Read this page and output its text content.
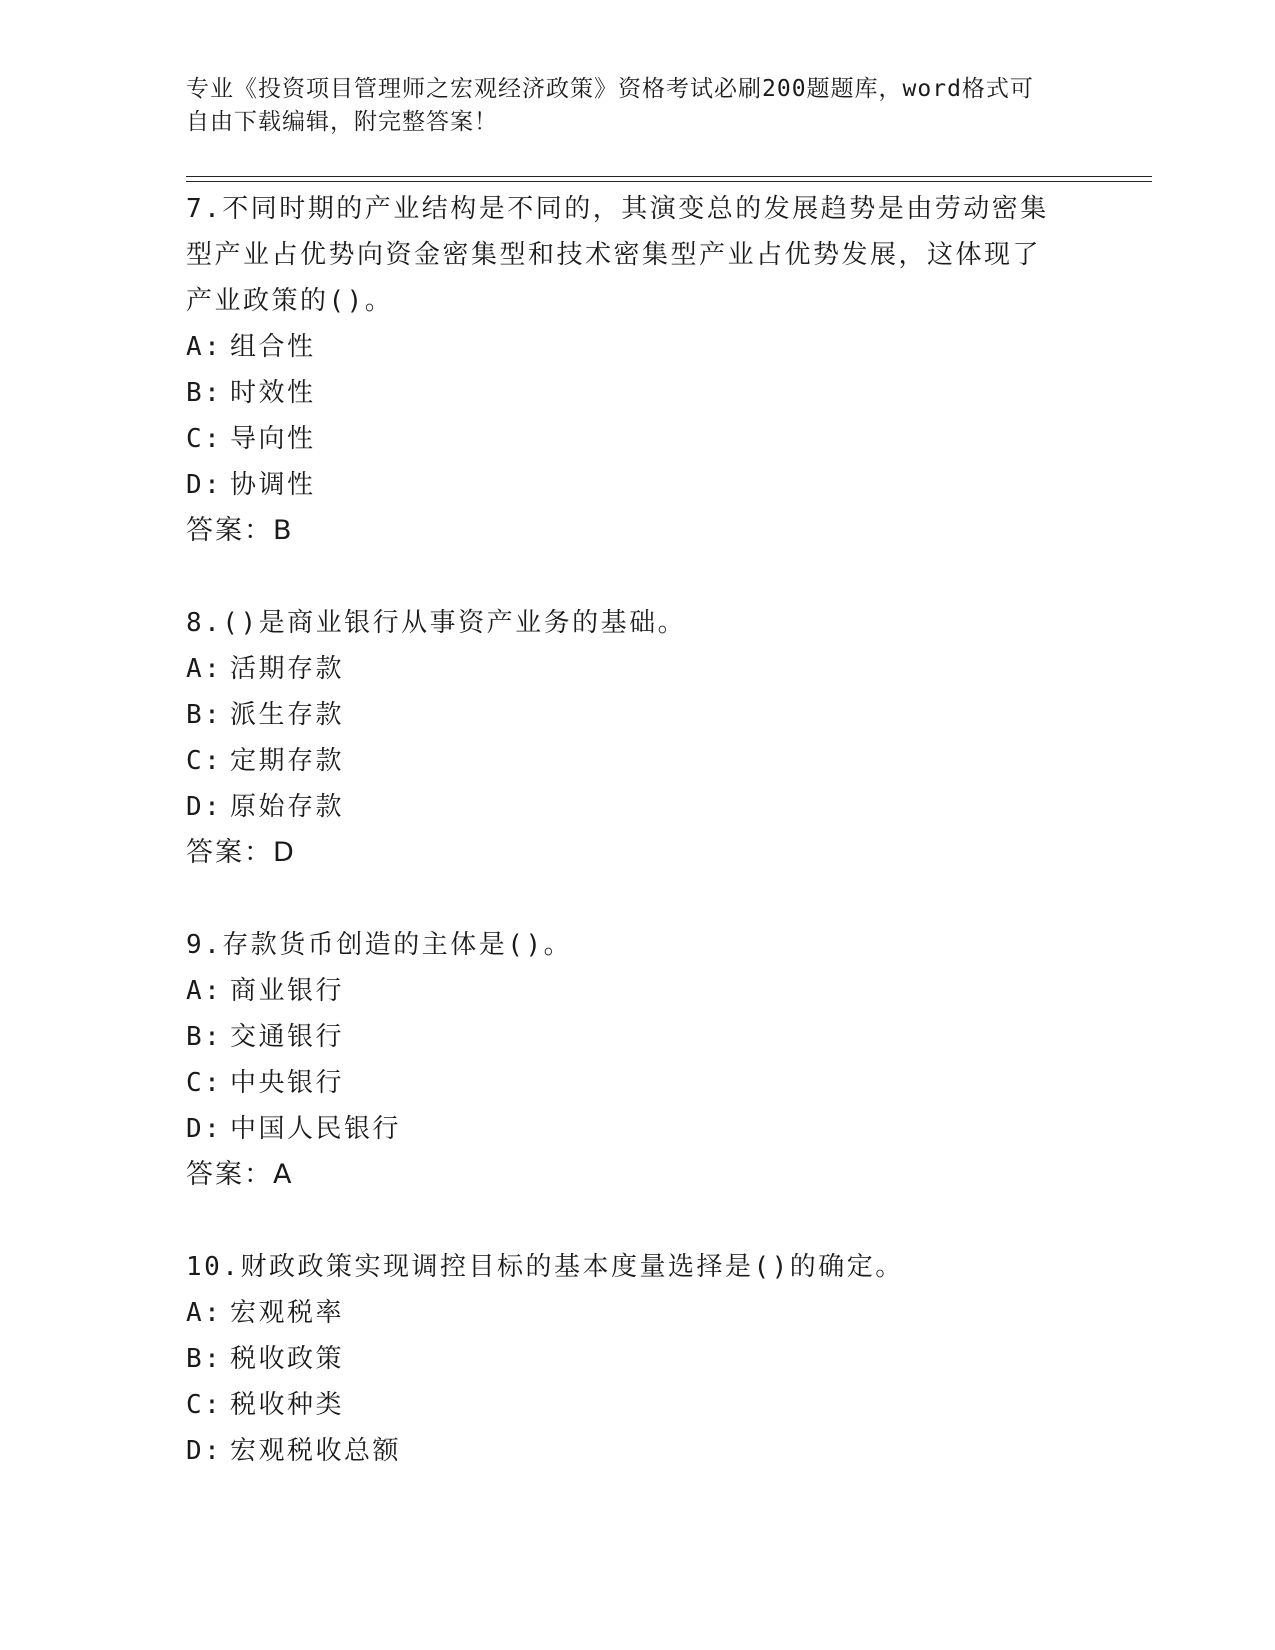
专业《投资项目管理师之宏观经济政策》资格考试必刷200题题库，word格式可
自由下载编辑，附完整答案！
7.不同时期的产业结构是不同的，其演变总的发展趋势是由劳动密集
型产业占优势向资金密集型和技术密集型产业占优势发展，这体现了
产业政策的()。
A: 组合性
B: 时效性
C: 导向性
D: 协调性
答案：B
8.()是商业银行从事资产业务的基础。
A: 活期存款
B: 派生存款
C: 定期存款
D: 原始存款
答案：D
9.存款货币创造的主体是()。
A: 商业银行
B: 交通银行
C: 中央银行
D: 中国人民银行
答案：A
10.财政政策实现调控目标的基本度量选择是()的确定。
A: 宏观税率
B: 税收政策
C: 税收种类
D: 宏观税收总额
